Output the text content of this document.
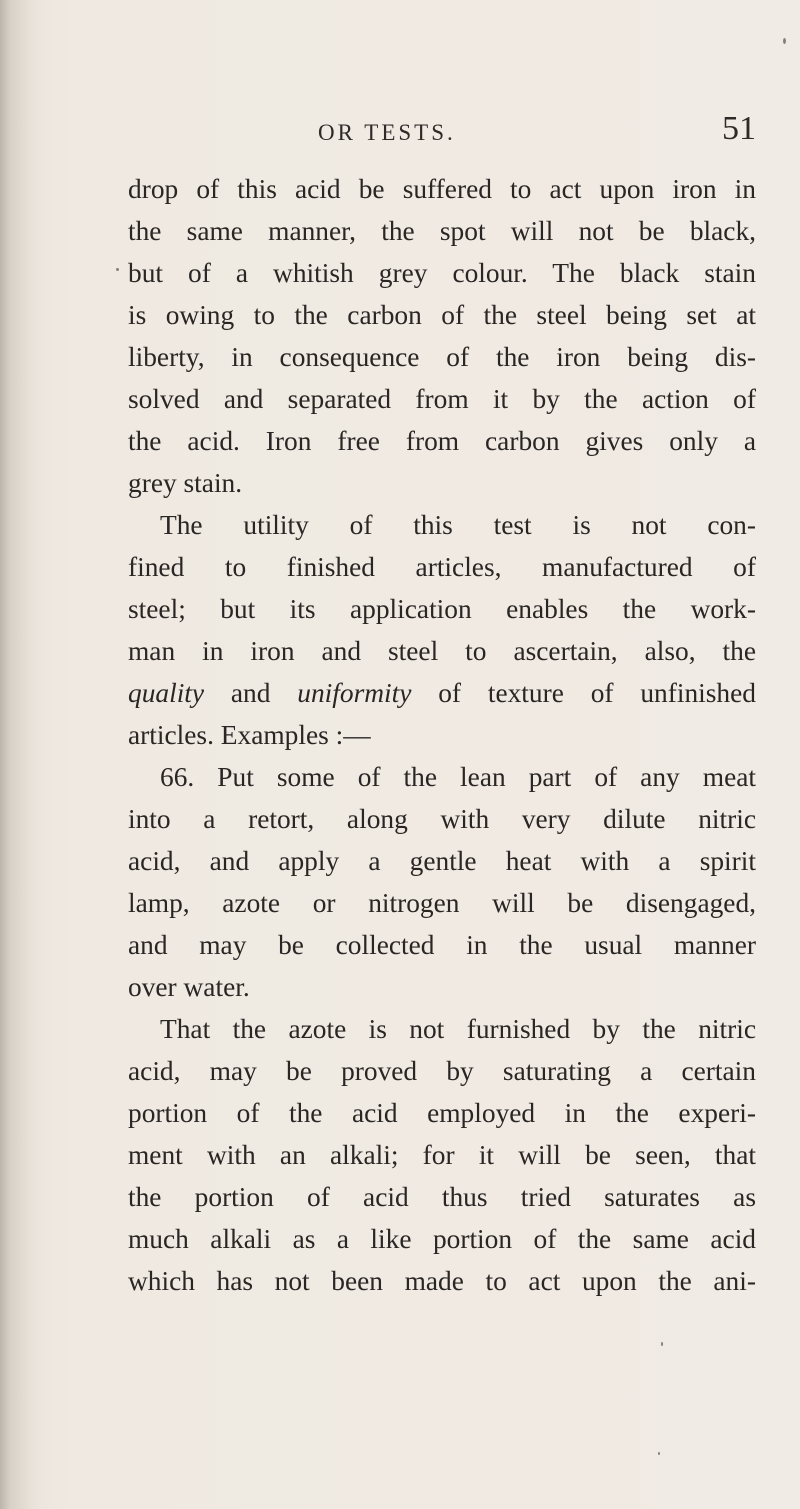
OR TESTS.	51
drop of this acid be suffered to act upon iron in
the same manner, the spot will not be black,
but of a whitish grey colour. The black stain
is owing to the carbon of the steel being set at
liberty, in consequence of the iron being dis-
solved and separated from it by the action of
the acid. Iron free from carbon gives only a
grey stain.
The utility of this test is not con-
fined to finished articles, manufactured of
steel; but its application enables the work-
man in iron and steel to ascertain, also, the
quality and uniformity of texture of unfinished
articles. Examples :—
66. Put some of the lean part of any meat
into a retort, along with very dilute nitric
acid, and apply a gentle heat with a spirit
lamp, azote or nitrogen will be disengaged,
and may be collected in the usual manner
over water.
That the azote is not furnished by the nitric
acid, may be proved by saturating a certain
portion of the acid employed in the experi-
ment with an alkali; for it will be seen, that
the portion of acid thus tried saturates as
much alkali as a like portion of the same acid
which has not been made to act upon the ani-
